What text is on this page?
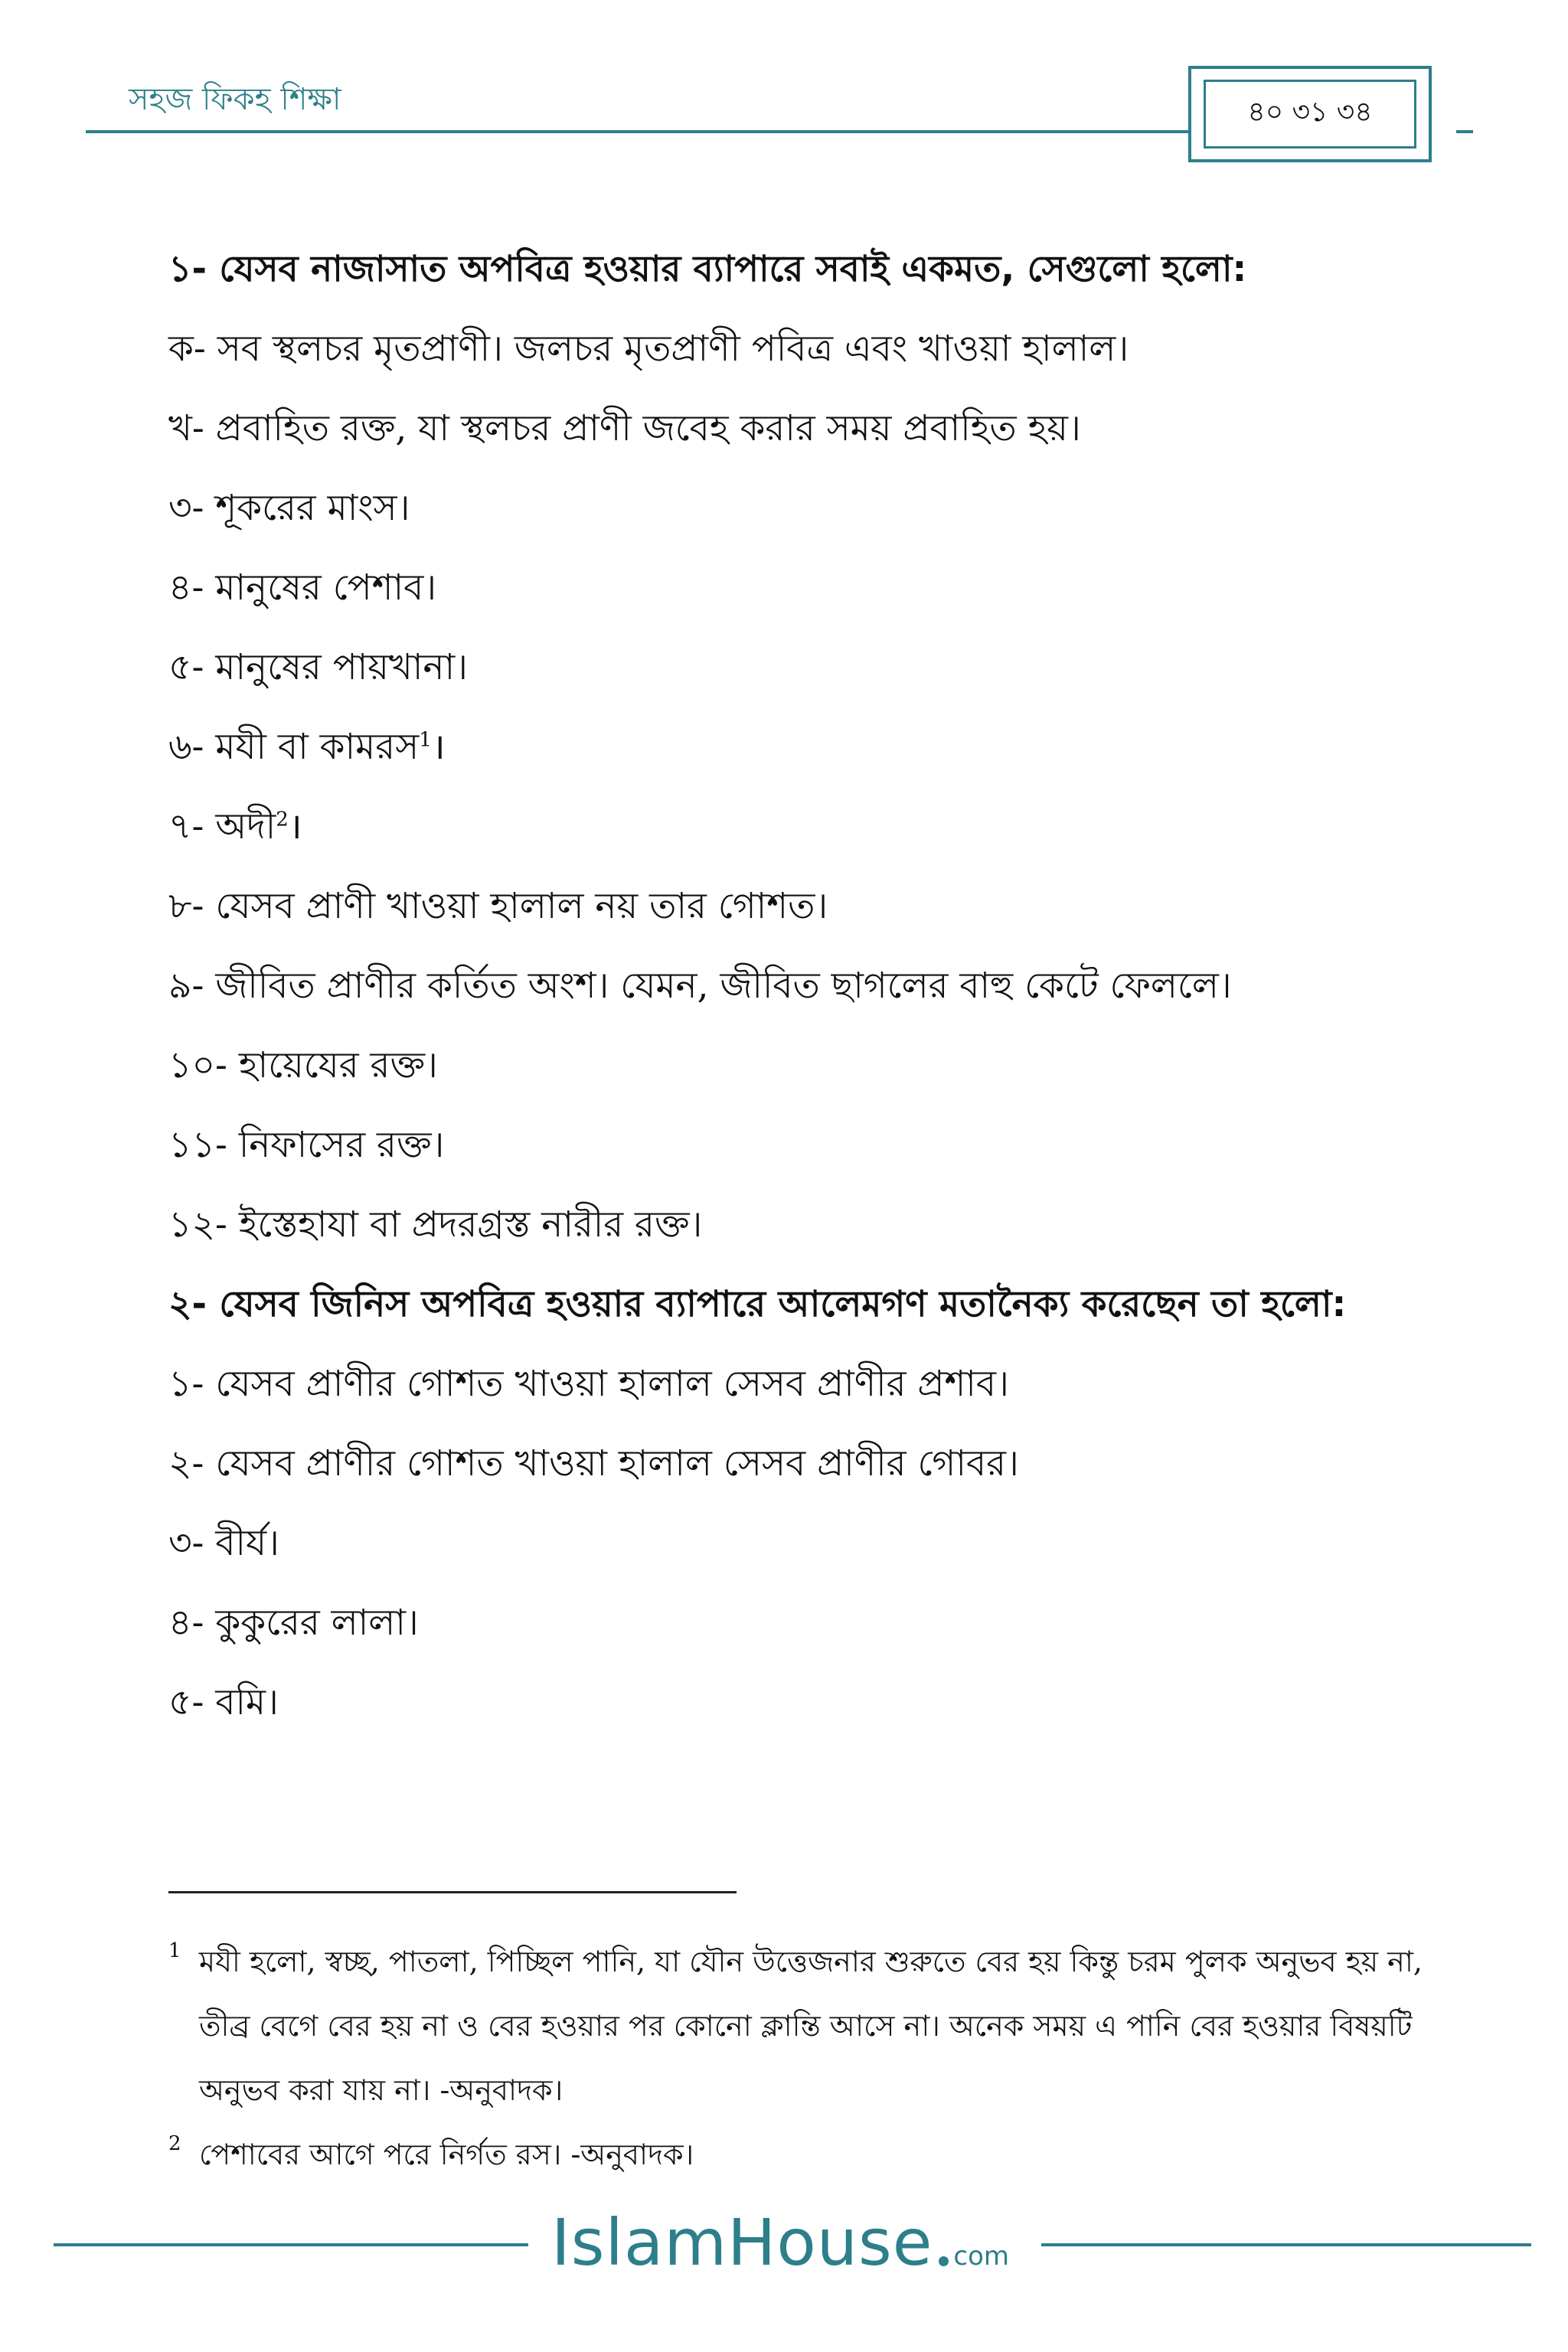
সহজ ফিকহ শিক্ষা	৪০ ৩১ ৩৪
১- যেসব নাজাসাত অপবিত্র হওয়ার ব্যাপারে সবাই একমত, সেগুলো হলো:
ক- সব স্থলচর মৃতপ্রাণী। জলচর মৃতপ্রাণী পবিত্র এবং খাওয়া হালাল।
খ- প্রবাহিত রক্ত, যা স্থলচর প্রাণী জবেহ করার সময় প্রবাহিত হয়।
৩- শূকরের মাংস।
৪- মানুষের পেশাব।
৫- মানুষের পায়খানা।
৬- মযী বা কামরস$^1$।
৭- অদী$^2$।
৮- যেসব প্রাণী খাওয়া হালাল নয় তার গোশত।
৯- জীবিত প্রাণীর কর্তিত অংশ। যেমন, জীবিত ছাগলের বাহু কেটে ফেললে।
১০- হায়েযের রক্ত।
১১- নিফাসের রক্ত।
১২- ইস্তেহাযা বা প্রদরগ্রস্ত নারীর রক্ত।
২- যেসব জিনিস অপবিত্র হওয়ার ব্যাপারে আলেমগণ মতানৈক্য করেছেন তা হলো:
১- যেসব প্রাণীর গোশত খাওয়া হালাল সেসব প্রাণীর প্রশাব।
২- যেসব প্রাণীর গোশত খাওয়া হালাল সেসব প্রাণীর গোবর।
৩- বীর্য।
৪- কুকুরের লালা।
৫- বমি।
1 মযী হলো, স্বচ্ছ, পাতলা, পিচ্ছিল পানি, যা যৌন উত্তেজনার শুরুতে বের হয় কিন্তু চরম পুলক অনুভব হয় না, তীব্র বেগে বের হয় না ও বের হওয়ার পর কোনো ক্লান্তি আসে না। অনেক সময় এ পানি বের হওয়ার বিষয়টি অনুভব করা যায় না। -অনুবাদক।
2 পেশাবের আগে পরে নির্গত রস। -অনুবাদক।
IslamHouse com
